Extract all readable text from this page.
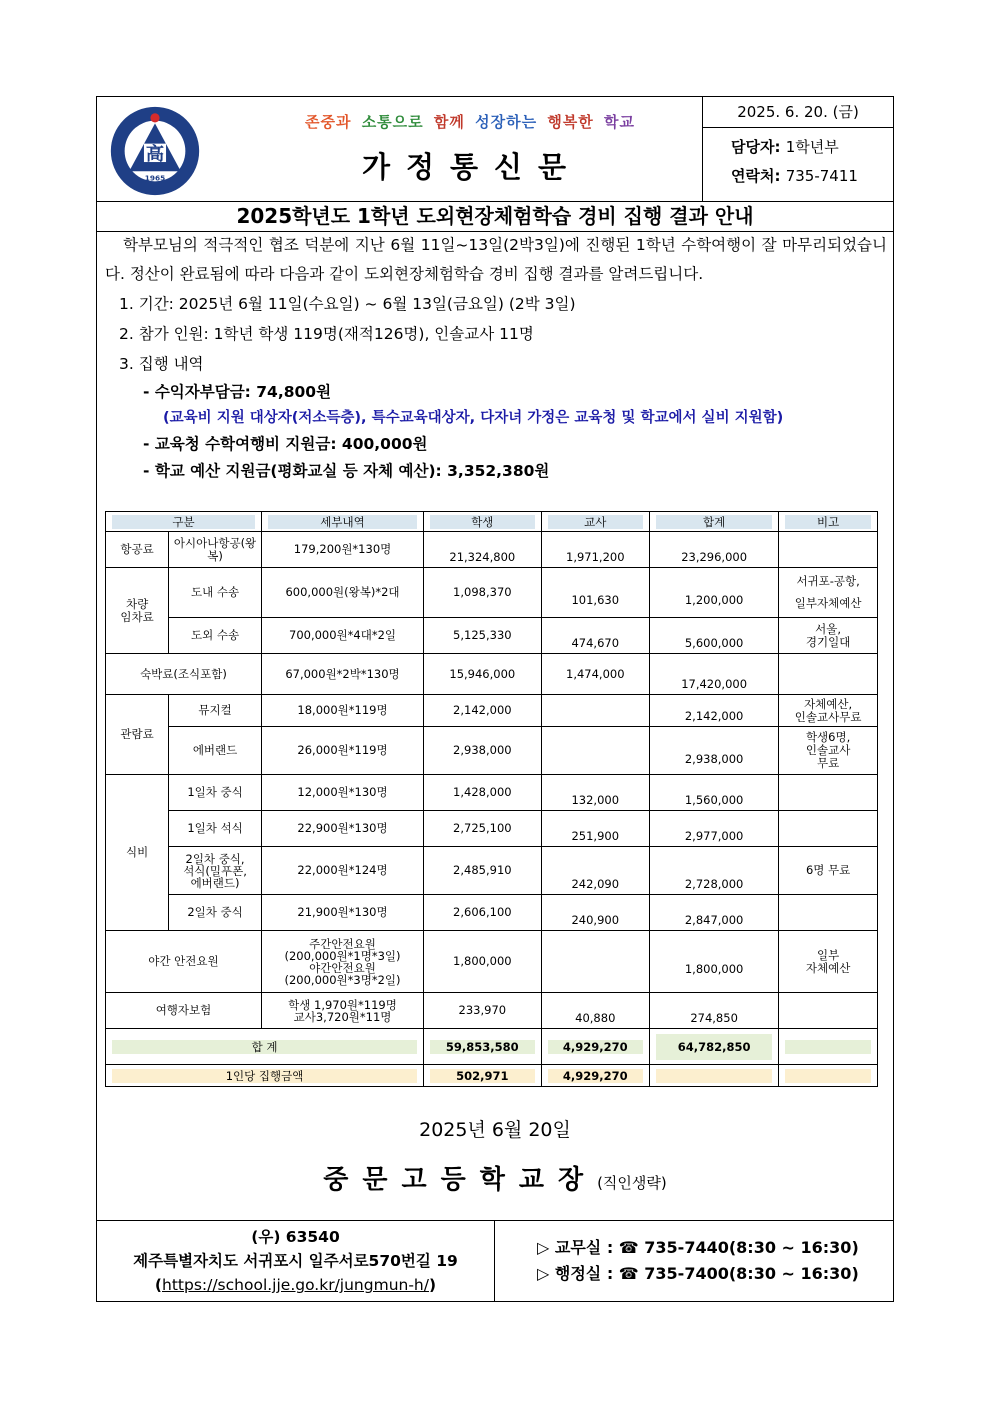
高
1965
존중과 소통으로 함께 성장하는 행복한 학교
가정통신문
2025. 6. 20. (금)
담당자: 1학년부
연락처: 735-7411
2025학년도 1학년 도외현장체험학습 경비 집행 결과 안내

학부모님의 적극적인 협조 덕분에 지난 6월 11일~13일(2박3일)에 진행된 1학년 수학여행이 잘 마무리되었습니다. 정산이 완료됨에 따라 다음과 같이 도외현장체험학습 경비 집행 결과를 알려드립니다.

1. 기간: 2025년 6월 11일(수요일) ~ 6월 13일(금요일) (2박 3일)
2. 참가 인원: 1학년 학생 119명(재적126명), 인솔교사 11명
3. 집행 내역
- 수익자부담금: 74,800원
(교육비 지원 대상자(저소득층), 특수교육대상자, 다자녀 가정은 교육청 및 학교에서 실비 지원함)
- 교육청 수학여행비 지원금: 400,000원
- 학교 예산 지원금(평화교실 등 자체 예산): 3,352,380원
구분		세부내역	학생	교사	합계	비고

항공료	아시아나항공(왕복)	179,200원*130명	21,324,800	1,971,200	23,296,000	
차량
임차료	도내 수송	600,000원(왕복)*2대	1,098,370	101,630	1,200,000	서귀포-공항,

일부자체예산
	도외 수송	700,000원*4대*2일	5,125,330	474,670	5,600,000	서울,
경기일대
숙박료(조식포함)		67,000원*2박*130명	15,946,000	1,474,000	17,420,000	
관람료	뮤지컬	18,000원*119명	2,142,000		2,142,000	자체예산,
인솔교사무료
	에버랜드	26,000원*119명	2,938,000		2,938,000	학생6명,
인솔교사
무료
식비	1일차 중식	12,000원*130명	1,428,000	132,000	1,560,000	
	1일차 석식	22,900원*130명	2,725,100	251,900	2,977,000	
	2일차 중식,
석식(밀푸폰,
에버랜드)	22,000원*124명	2,485,910	242,090	2,728,000	6명 무료
	2일차 중식	21,900원*130명	2,606,100	240,900	2,847,000	
야간 안전요원		주간안전요원
(200,000원*1명*3일)
야간안전요원
(200,000원*3명*2일)	1,800,000		1,800,000	일부
자체예산
여행자보험		학생 1,970원*119명
교사3,720원*11명	233,970	40,880	274,850	

합 계			59,853,580	4,929,270	64,782,850	

1인당 집행금액			502,971	4,929,270		

2025년 6월 20일
중문고등학교장(직인생략)
(우) 63540
제주특별자치도 서귀포시 일주서로570번길 19
(https://school.jje.go.kr/jungmun-h/)
▷ 교무실 : ☎ 735-7440(8:30 ~ 16:30)
▷ 행정실 : ☎ 735-7400(8:30 ~ 16:30)
